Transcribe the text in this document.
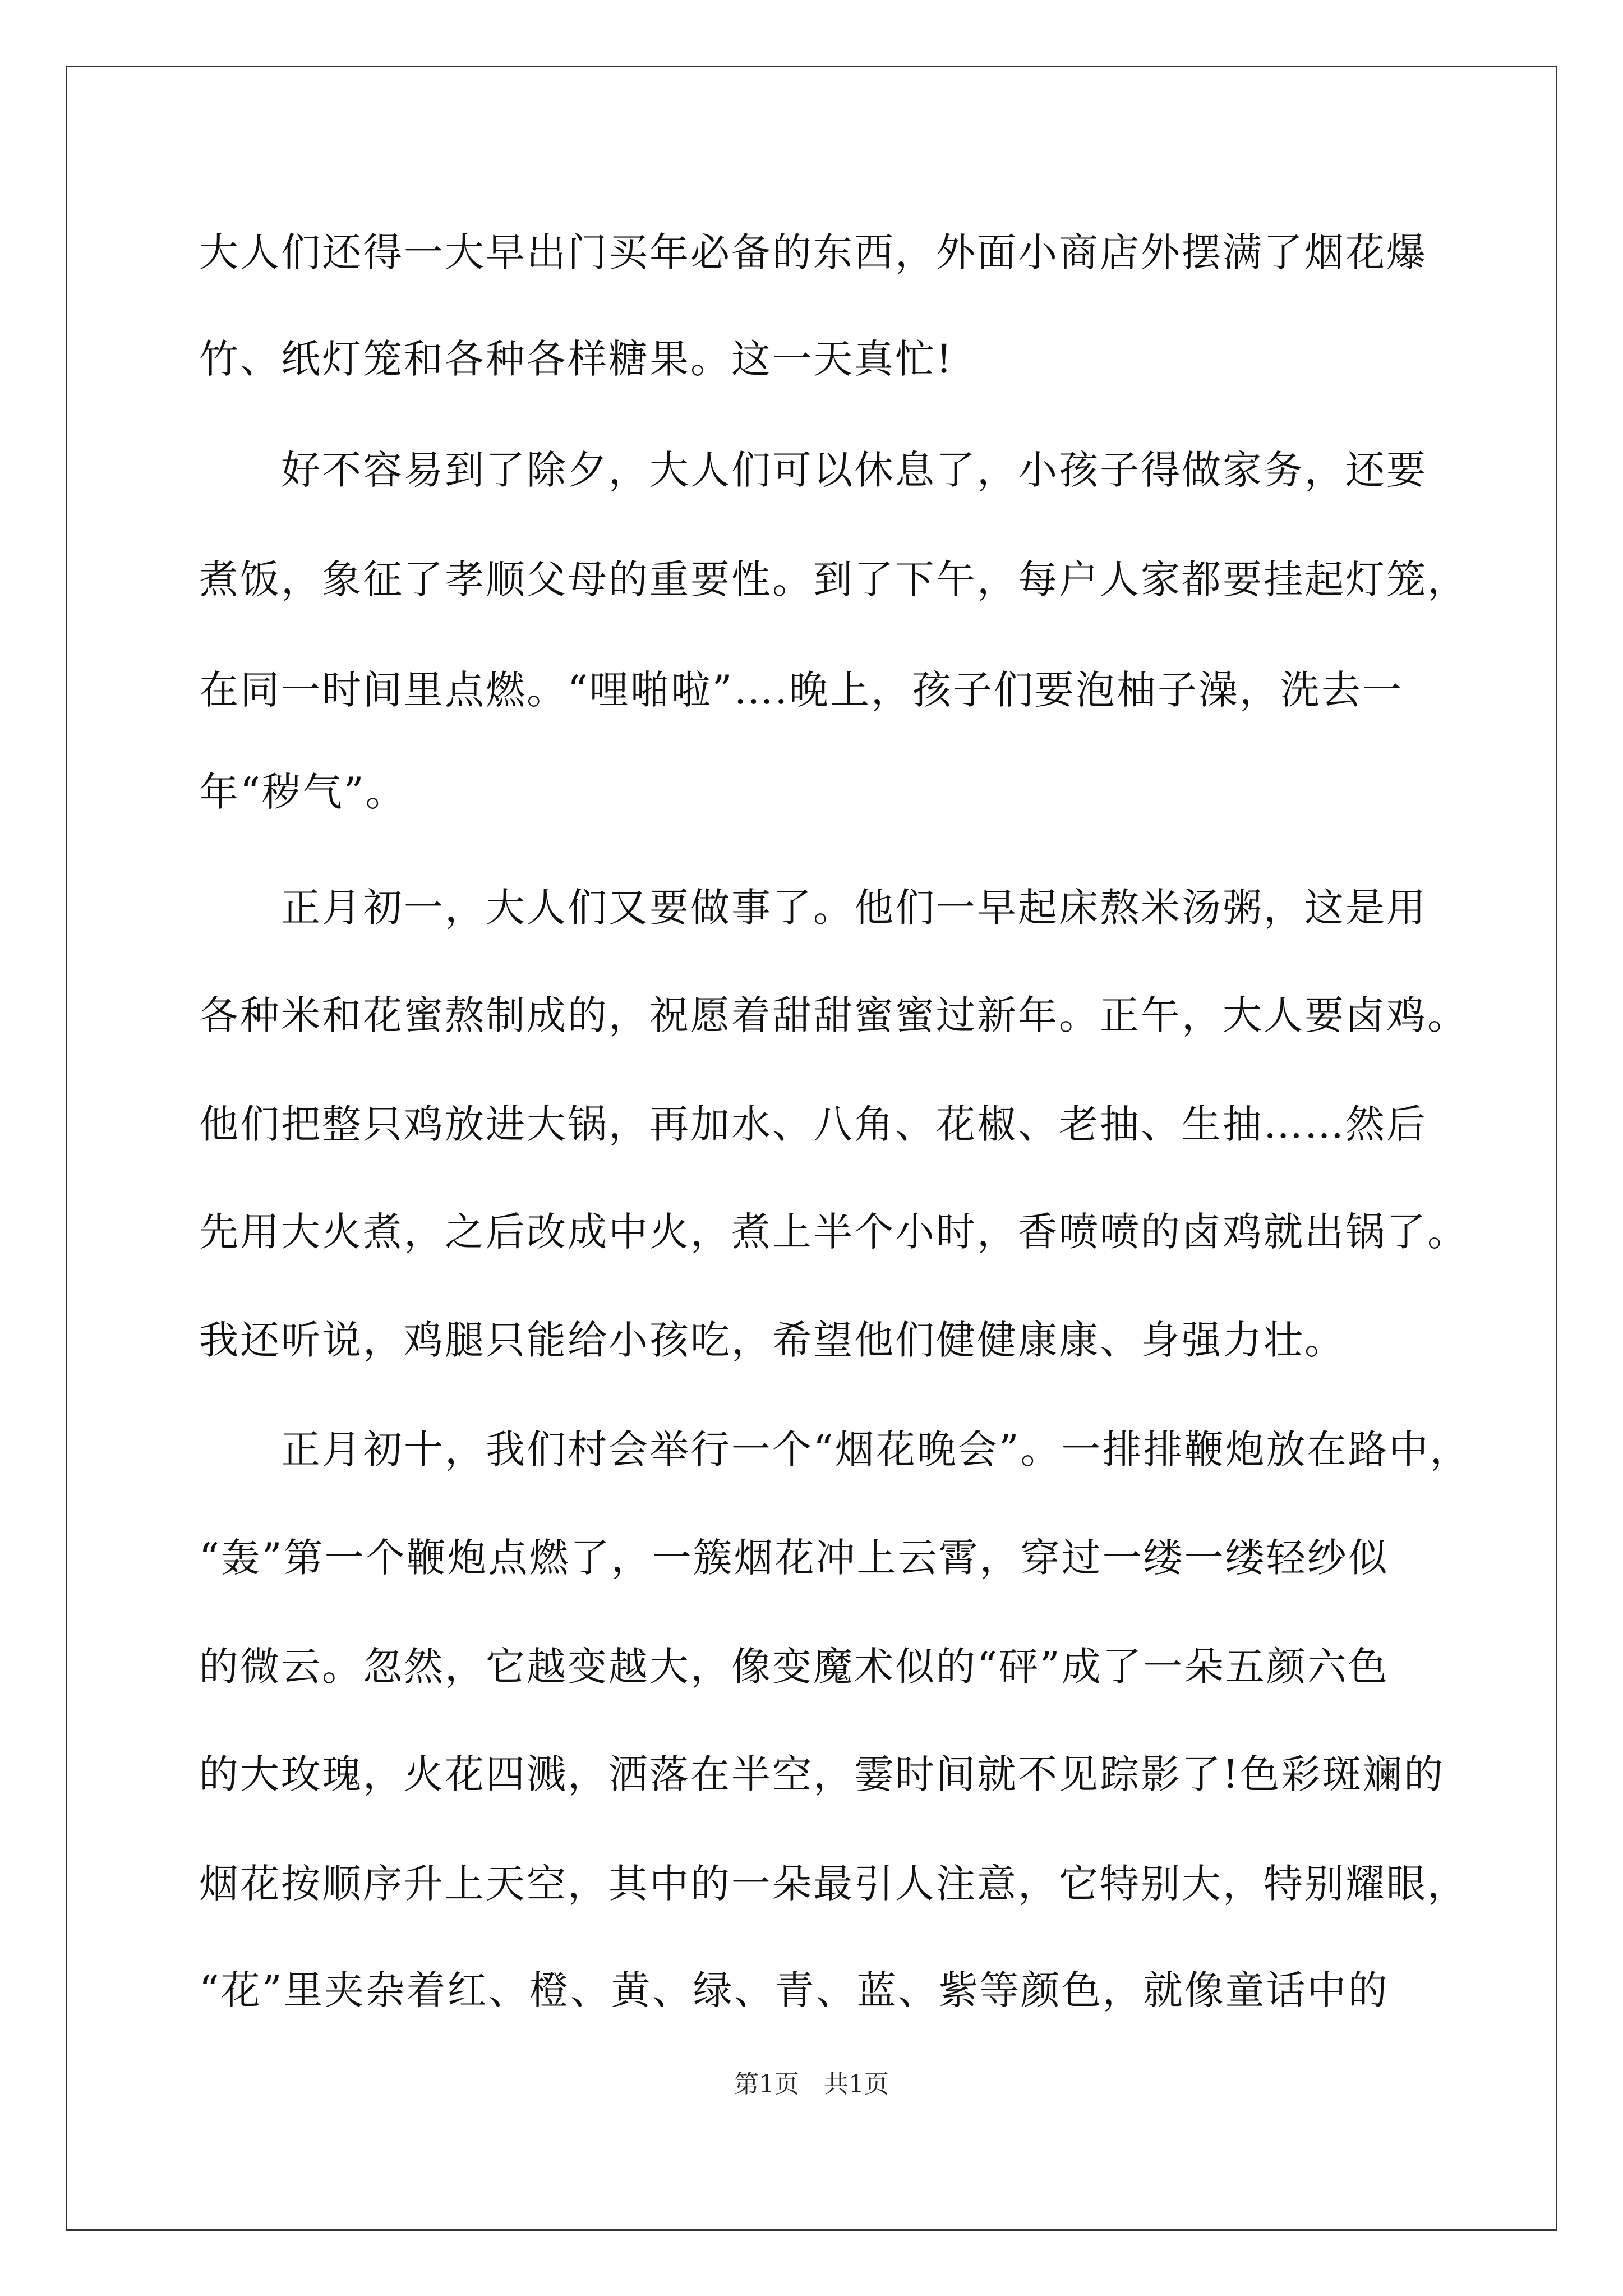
大人们还得一大早出门买年必备的东西，外面小商店外摆满了烟花爆
竹、纸灯笼和各种各样糖果。这一天真忙!
　　好不容易到了除夕，大人们可以休息了，小孩子得做家务，还要
煮饭，象征了孝顺父母的重要性。到了下午，每户人家都要挂起灯笼，
在同一时间里点燃。“哩啪啦”….晚上，孩子们要泡柚子澡，洗去一
年“秽气”。
　　正月初一，大人们又要做事了。他们一早起床熬米汤粥，这是用
各种米和花蜜熬制成的，祝愿着甜甜蜜蜜过新年。正午，大人要卤鸡。
他们把整只鸡放进大锅，再加水、八角、花椒、老抽、生抽……然后
先用大火煮，之后改成中火，煮上半个小时，香喷喷的卤鸡就出锅了。
我还听说，鸡腿只能给小孩吃，希望他们健健康康、身强力壮。
　　正月初十，我们村会举行一个“烟花晚会”。一排排鞭炮放在路中，
“轰”第一个鞭炮点燃了，一簇烟花冲上云霄，穿过一缕一缕轻纱似
的微云。忽然，它越变越大，像变魔术似的“砰”成了一朵五颜六色
的大玫瑰，火花四溅，洒落在半空，霎时间就不见踪影了!色彩斑斓的
烟花按顺序升上天空，其中的一朵最引人注意，它特别大，特别耀眼，
“花”里夹杂着红、橙、黄、绿、青、蓝、紫等颜色，就像童话中的
第1页　共1页
